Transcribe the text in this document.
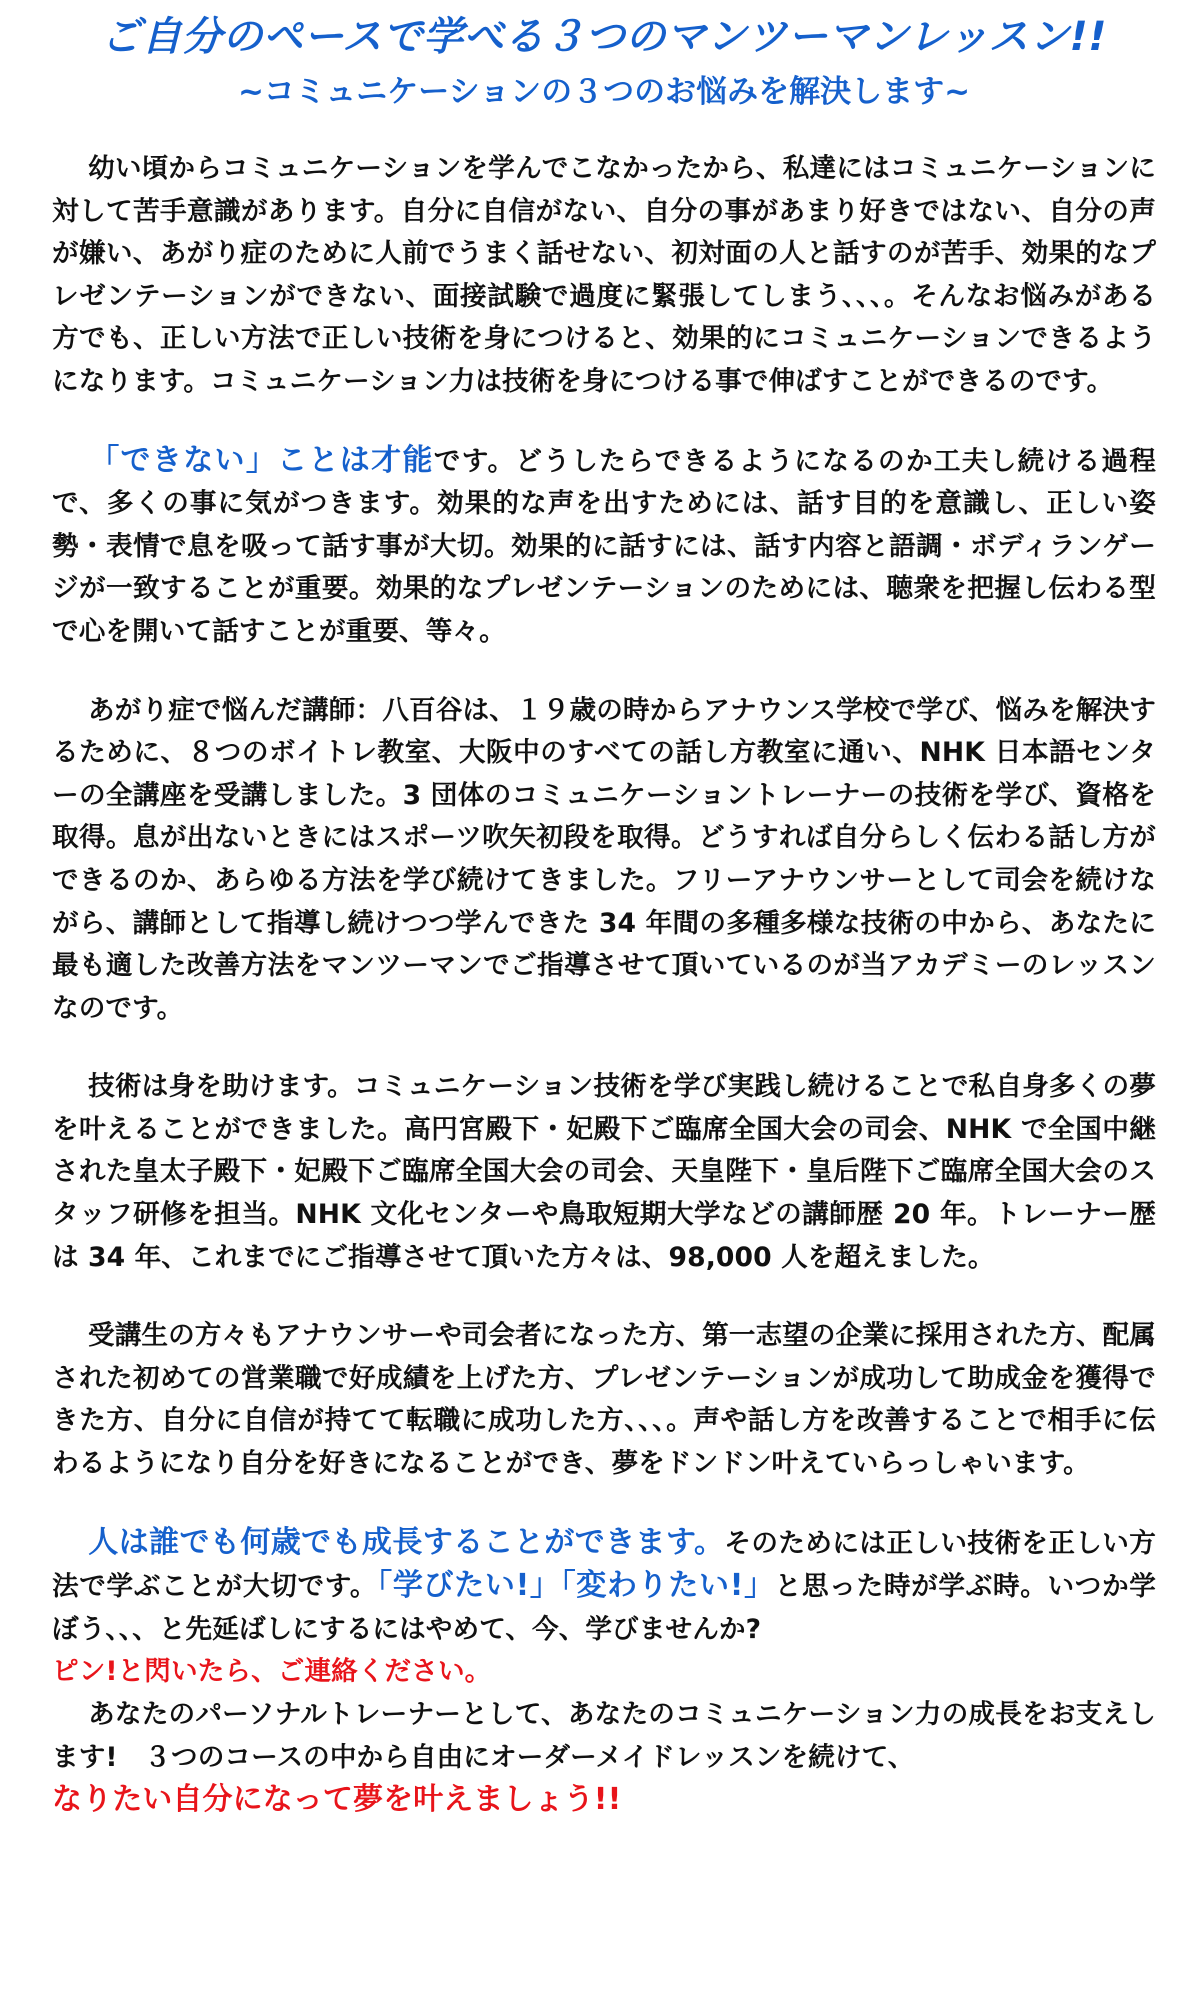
ご自分のペースで学べる３つのマンツーマンレッスン!!
~コミュニケーションの３つのお悩みを解決します~

幼い頃からコミュニケーションを学んでこなかったから、私達にはコミュニケーションに対して苦手意識があります。自分に自信がない、自分の事があまり好きではない、自分の声が嫌い、あがり症のために人前でうまく話せない、初対面の人と話すのが苦手、効果的なプレゼンテーションができない、面接試験で過度に緊張してしまう、、、。そんなお悩みがある方でも、正しい方法で正しい技術を身につけると、効果的にコミュニケーションできるようになります。コミュニケーション力は技術を身につける事で伸ばすことができるのです。

「できない」ことは才能です。どうしたらできるようになるのか工夫し続ける過程で、多くの事に気がつきます。効果的な声を出すためには、話す目的を意識し、正しい姿勢・表情で息を吸って話す事が大切。効果的に話すには、話す内容と語調・ボディランゲージが一致することが重要。効果的なプレゼンテーションのためには、聴衆を把握し伝わる型で心を開いて話すことが重要、等々。

あがり症で悩んだ講師：八百谷は、１９歳の時からアナウンス学校で学び、悩みを解決するために、８つのボイトレ教室、大阪中のすべての話し方教室に通い、NHK 日本語センターの全講座を受講しました。3 団体のコミュニケーショントレーナーの技術を学び、資格を取得。息が出ないときにはスポーツ吹矢初段を取得。どうすれば自分らしく伝わる話し方ができるのか、あらゆる方法を学び続けてきました。フリーアナウンサーとして司会を続けながら、講師として指導し続けつつ学んできた 34 年間の多種多様な技術の中から、あなたに最も適した改善方法をマンツーマンでご指導させて頂いているのが当アカデミーのレッスンなのです。

技術は身を助けます。コミュニケーション技術を学び実践し続けることで私自身多くの夢を叶えることができました。高円宮殿下・妃殿下ご臨席全国大会の司会、NHK で全国中継された皇太子殿下・妃殿下ご臨席全国大会の司会、天皇陛下・皇后陛下ご臨席全国大会のスタッフ研修を担当。NHK 文化センターや鳥取短期大学などの講師歴 20 年。トレーナー歴は 34 年、これまでにご指導させて頂いた方々は、98,000 人を超えました。

受講生の方々もアナウンサーや司会者になった方、第一志望の企業に採用された方、配属された初めての営業職で好成績を上げた方、プレゼンテーションが成功して助成金を獲得できた方、自分に自信が持てて転職に成功した方、、、。声や話し方を改善することで相手に伝わるようになり自分を好きになることができ、夢をドンドン叶えていらっしゃいます。

人は誰でも何歳でも成長することができます。そのためには正しい技術を正しい方法で学ぶことが大切です。「学びたい!」「変わりたい!」と思った時が学ぶ時。いつか学ぼう、、、と先延ばしにするにはやめて、今、学びませんか?
ピン!と閃いたら、ご連絡ください。

あなたのパーソナルトレーナーとして、あなたのコミュニケーション力の成長をお支えします!　３つのコースの中から自由にオーダーメイドレッスンを続けて、
なりたい自分になって夢を叶えましょう!!
